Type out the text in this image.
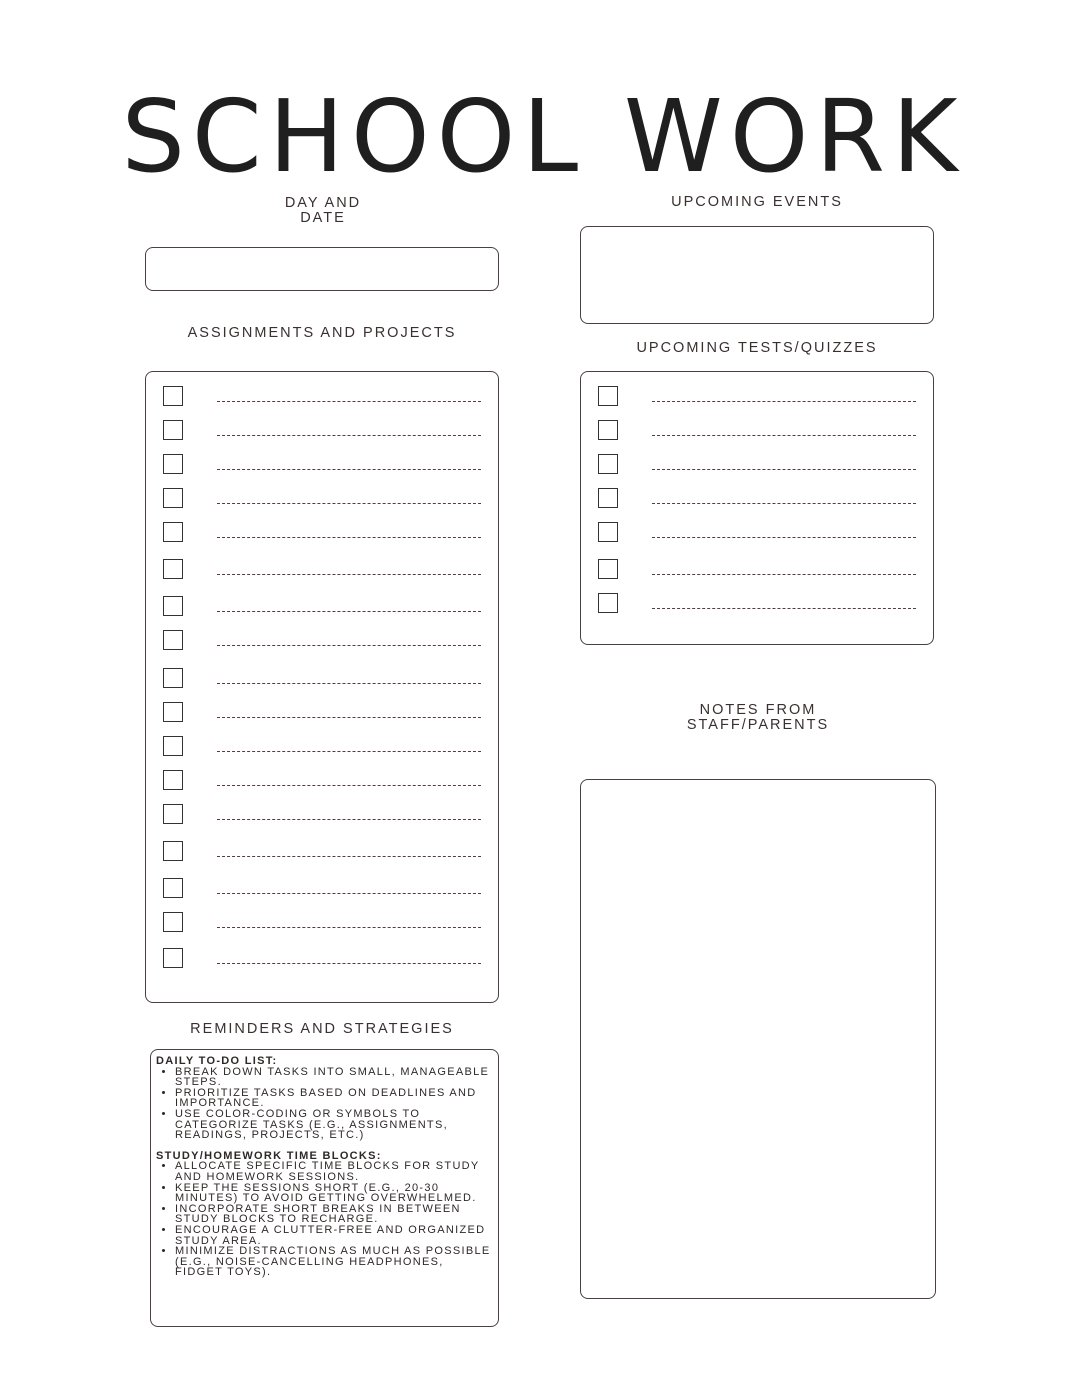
SCHOOL WORK
DAY AND
DATE
UPCOMING EVENTS
ASSIGNMENTS AND PROJECTS
UPCOMING TESTS/QUIZZES
NOTES FROM
STAFF/PARENTS
REMINDERS AND STRATEGIES
DAILY TO-DO LIST:
• BREAK DOWN TASKS INTO SMALL, MANAGEABLE STEPS.
• PRIORITIZE TASKS BASED ON DEADLINES AND IMPORTANCE.
• USE COLOR-CODING OR SYMBOLS TO CATEGORIZE TASKS (E.G., ASSIGNMENTS, READINGS, PROJECTS, ETC.)
STUDY/HOMEWORK TIME BLOCKS:
• ALLOCATE SPECIFIC TIME BLOCKS FOR STUDY AND HOMEWORK SESSIONS.
• KEEP THE SESSIONS SHORT (E.G., 20-30 MINUTES) TO AVOID GETTING OVERWHELMED.
• INCORPORATE SHORT BREAKS IN BETWEEN STUDY BLOCKS TO RECHARGE.
• ENCOURAGE A CLUTTER-FREE AND ORGANIZED STUDY AREA.
• MINIMIZE DISTRACTIONS AS MUCH AS POSSIBLE (E.G., NOISE-CANCELLING HEADPHONES, FIDGET TOYS).
